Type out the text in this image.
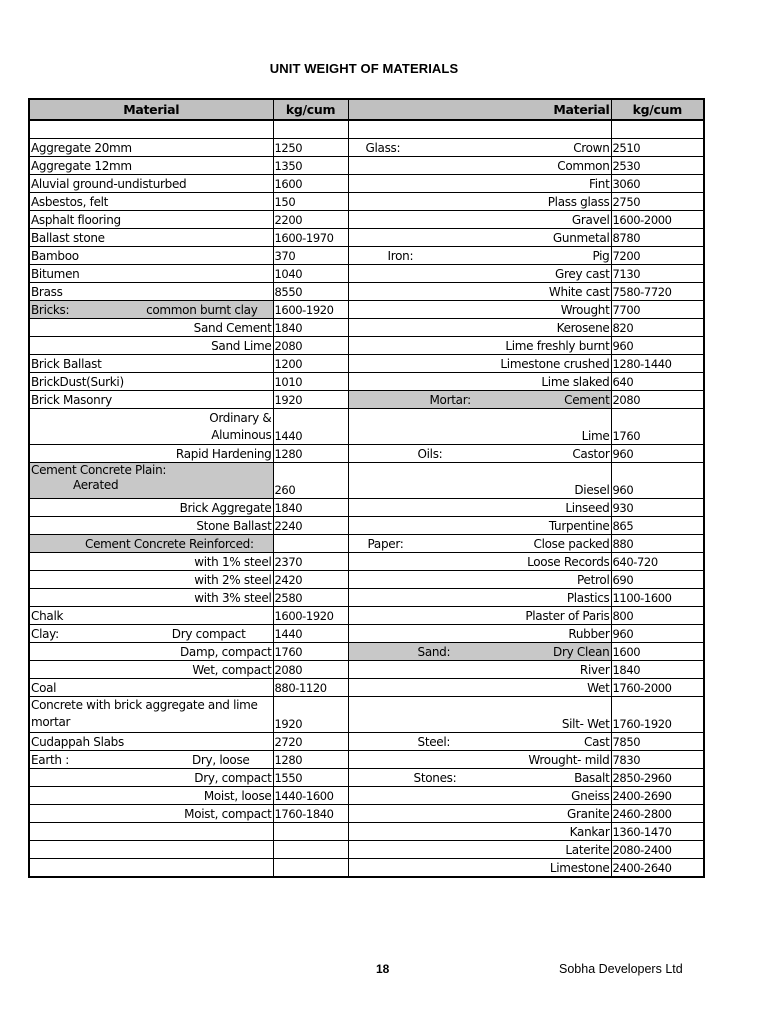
UNIT WEIGHT OF MATERIALS
Material	kg/cum	Material	kg/cum

Aggregate 20mm	1250	Glass: Crown	2510
Aggregate 12mm	1350	Common	2530
Aluvial ground-undisturbed	1600	Fint	3060
Asbestos, felt	150	Plass glass	2750
Asphalt flooring	2200	Gravel	1600-2000
Ballast stone	1600-1970	Gunmetal	8780
Bamboo	370	Iron: Pig	7200
Bitumen	1040	Grey cast	7130
Brass	8550	White cast	7580-7720

Bricks: common burnt clay	1600-1920	Wrought	7700
Sand Cement	1840	Kerosene	820
Sand Lime	2080	Lime freshly burnt	960
Brick Ballast	1200	Limestone crushed	1280-1440
BrickDust(Surki)	1010	Lime slaked	640
Brick Masonry	1920	Mortar: Cement	2080

Ordinary & Aluminous	1440	Lime	1760
Rapid Hardening	1280	Oils: Castor	960

Cement Concrete Plain:
Aerated	260	Diesel	960
Brick Aggregate	1840	Linseed	930
Stone Ballast	2240	Turpentine	865
Cement Concrete Reinforced:		Paper: Close packed	880
with 1% steel	2370	Loose Records	640-720
with 2% steel	2420	Petrol	690
with 3% steel	2580	Plastics	1100-1600
Chalk	1600-1920	Plaster of Paris	800

Clay: Dry compact	1440	Rubber	960
Damp, compact	1760	Sand: Dry Clean	1600
Wet, compact	2080	River	1840
Coal	880-1120	Wet	1760-2000
Concrete with brick aggregate and lime mortar	1920	Silt- Wet	1760-1920
Cudappah Slabs	2720	Steel: Cast	7850

Earth : Dry, loose	1280	Wrought- mild	7830
Dry, compact	1550	Stones: Basalt	2850-2960
Moist, loose	1440-1600	Gneiss	2400-2690
Moist, compact	1760-1840	Granite	2460-2800
		Kankar	1360-1470
		Laterite	2080-2400
		Limestone	2400-2640
18	Sobha Developers Ltd
